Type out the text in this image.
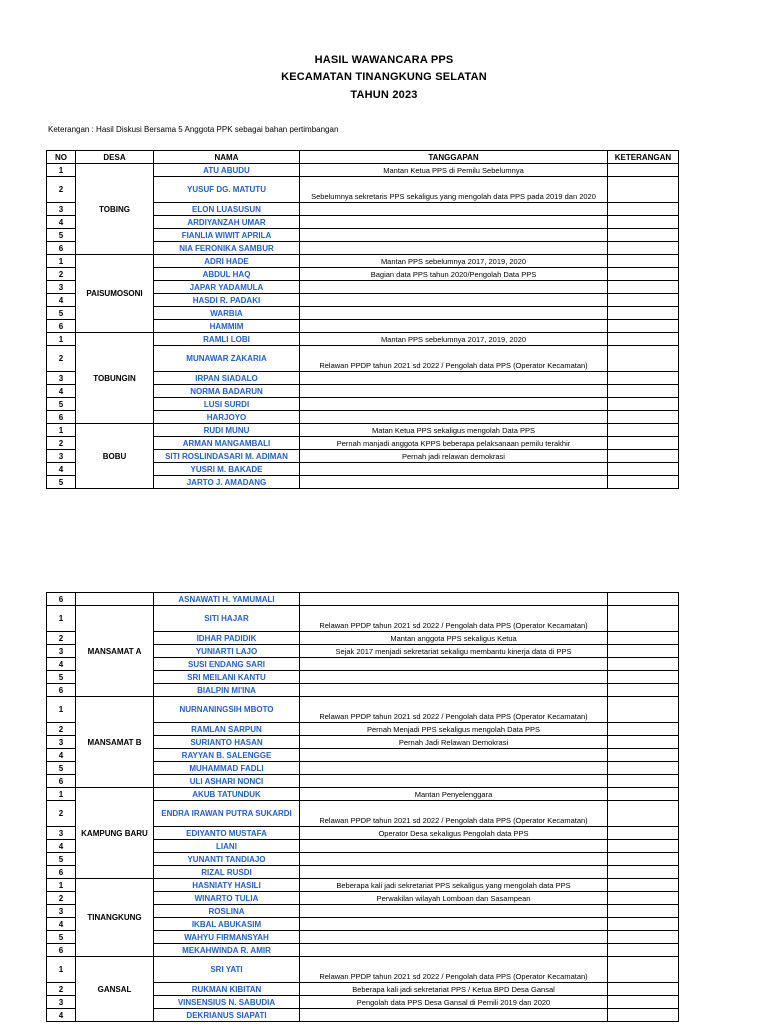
HASIL WAWANCARA PPS
KECAMATAN TINANGKUNG SELATAN
TAHUN 2023
Keterangan : Hasil Diskusi Bersama 5 Anggota PPK sebagai bahan pertimbangan
NO	DESA	NAMA	TANGGAPAN	KETERANGAN
1	TOBING	ATU ABUDU	Mantan Ketua PPS di Pemilu Sebelumnya	
2		YUSUF DG. MATUTU	Sebelumnya sekretaris PPS sekaligus yang mengolah data PPS pada 2019 dan 2020	
3		ELON LUASUSUN		
4		ARDIYANZAH UMAR		
5		FIANLIA WIWIT APRILA		
6		NIA FERONIKA SAMBUR		
1	PAISUMOSONI	ADRI HADE	Mantan PPS sebelumnya 2017, 2019, 2020	
2		ABDUL HAQ	Bagian data PPS tahun 2020/Pengolah Data PPS	
3		JAPAR YADAMULA		
4		HASDI R. PADAKI		
5		WARBIA		
6		HAMMIM		
1	TOBUNGIN	RAMLI LOBI	Mantan PPS sebelumnya 2017, 2019, 2020	
2		MUNAWAR ZAKARIA	Relawan PPDP tahun 2021 sd 2022 / Pengolah data PPS (Operator Kecamatan)	
3		IRPAN SIADALO		
4		NORMA BADARUN		
5		LUSI SURDI		
6		HARJOYO		
1	BOBU	RUDI MUNU	Matan Ketua PPS sekaligus mengolah Data PPS	
2		ARMAN MANGAMBALI	Pernah manjadi anggota KPPS beberapa pelaksanaan pemilu terakhir	
3		SITI ROSLINDASARI M. ADIMAN	Pernah jadi relawan demokrasi	
4		YUSRI M. BAKADE		
5		JARTO J. AMADANG		
6		ASNAWATI H. YAMUMALI		
1	MANSAMAT A	SITI HAJAR	Relawan PPDP tahun 2021 sd 2022 / Pengolah data PPS (Operator Kecamatan)	
2		IDHAR PADIDIK	Mantan anggota PPS sekaligus Ketua	
3		YUNIARTI LAJO	Sejak 2017 menjadi sekretariat sekaligu membantu kinerja data di PPS	
4		SUSI ENDANG SARI		
5		SRI MEILANI KANTU		
6		BIALPIN MI'INA		
1	MANSAMAT B	NURNANINGSIH MBOTO	Relawan PPDP tahun 2021 sd 2022 / Pengolah data PPS (Operator Kecamatan)	
2		RAMLAN SARPUN	Pernah Menjadi PPS sekaligus mengolah Data PPS	
3		SURIANTO HASAN	Pernah Jadi Relawan Demokrasi	
4		RAYYAN B. SALENGGE		
5		MUHAMMAD FADLI		
6		ULI ASHARI NONCI		
1	KAMPUNG BARU	AKUB TATUNDUK	Mantan Penyelenggara	
2		ENDRA IRAWAN PUTRA SUKARDI	Relawan PPDP tahun 2021 sd 2022 / Pengolah data PPS (Operator Kecamatan)	
3		EDIYANTO MUSTAFA	Operator Desa sekaligus Pengolah data PPS	
4		LIANI		
5		YUNANTI TANDIAJO		
6		RIZAL RUSDI		
1	TINANGKUNG	HASNIATY HASILI	Beberapa kali jadi sekretariat PPS sekaligus yang mengolah data PPS	
2		WINARTO TULIA	Perwakilan wilayah Lomboan dan Sasampean	
3		ROSLINA		
4		IKBAL ABUKASIM		
5		WAHYU FIRMANSYAH		
6		MEKAHWINDA R. AMIR		
1	GANSAL	SRI YATI	Relawan PPDP tahun 2021 sd 2022 / Pengolah data PPS (Operator Kecamatan)	
2		RUKMAN KIBITAN	Beberapa kali jadi sekretariat PPS / Ketua BPD Desa Gansal	
3		VINSENSIUS N. SABUDIA	Pengolah data PPS Desa Gansal di Pemili 2019 dan 2020	
4		DEKRIANUS SIAPATI		
